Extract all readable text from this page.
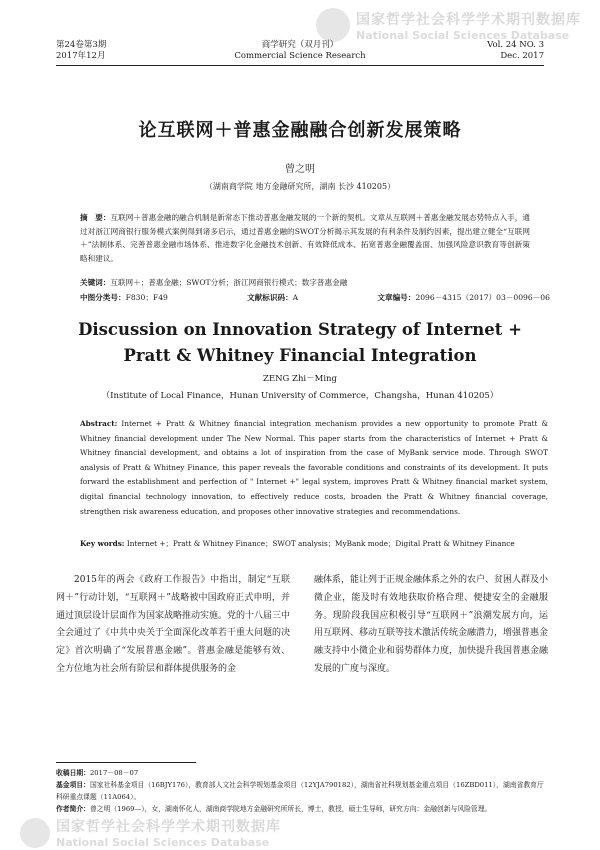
国家哲学社会科学学术期刊数据库
National Social Sciences Database
第24卷第3期
2017年12月
商学研究（双月刊）
Commercial Science Research
Vol. 24 NO. 3
Dec. 2017
论互联网＋普惠金融融合创新发展策略
曾之明
（湖南商学院 地方金融研究所，湖南 长沙 410205）
摘　要：互联网＋普惠金融的融合机制是新常态下推动普惠金融发展的一个新的契机。文章从互联网＋普惠金融发展态势特点入手，通过对浙江网商银行服务模式案例得到诸多启示，通过普惠金融的SWOT分析揭示其发展的有利条件及制约因素，提出建立健全“互联网＋”法制体系、完善普惠金融市场体系、推进数字化金融技术创新、有效降低成本、拓宽普惠金融覆盖面、加强风险意识教育等创新策略和建议。
关键词：互联网＋；普惠金融；SWOT分析；浙江网商银行模式；数字普惠金融
中图分类号：F830；F49	文献标识码：A	文章编号：2096－4315（2017）03－0096－06
Discussion on Innovation Strategy of Internet +
Pratt & Whitney Financial Integration
ZENG Zhi－Ming
（Institute of Local Finance，Hunan University of Commerce，Changsha，Hunan 410205）
Abstract: Internet + Pratt & Whitney financial integration mechanism provides a new opportunity to promote Pratt & Whitney financial development under The New Normal. This paper starts from the characteristics of Internet + Pratt & Whitney financial development, and obtains a lot of inspiration from the case of MyBank service mode. Through SWOT analysis of Pratt & Whitney Finance, this paper reveals the favorable conditions and constraints of its development. It puts forward the establishment and perfection of " Internet +" legal system, improves Pratt & Whitney financial market system, digital financial technology innovation, to effectively reduce costs, broaden the Pratt & Whitney financial coverage, strengthen risk awareness education, and proposes other innovative strategies and recommendations.
Key words: Internet +；Pratt & Whitney Finance；SWOT analysis；MyBank mode；Digital Pratt & Whitney Finance
2015年的两会《政府工作报告》中指出，制定“互联网＋”行动计划，“互联网＋”战略被中国政府正式申明，并通过顶层设计层面作为国家战略推动实施。党的十八届三中全会通过了《中共中央关于全面深化改革若干重大问题的决定》首次明确了“发展普惠金融”。普惠金融是能够有效、全方位地为社会所有阶层和群体提供服务的金
融体系，能让列于正规金融体系之外的农户、贫困人群及小微企业，能及时有效地获取价格合理、便捷安全的金融服务。现阶段我国应积极引导“互联网＋”浪潮发展方向，运用互联网、移动互联等技术激活传统金融潜力，增强普惠金融支持中小微企业和弱势群体力度，加快提升我国普惠金融发展的广度与深度。
收稿日期：2017－08－07
基金项目：国家社科基金项目（16BJY176），教育部人文社会科学规划基金项目（12YJA790182），湖南省社科规划基金重点项目（16ZBD011），湖南省教育厅科研重点课题（11A064）。
作者简介：曾之明（1969—），女，湖南怀化人，湖南商学院地方金融研究所所长，博士，教授，硕士生导师，研究方向：金融创新与风险管理。
国家哲学社会科学学术期刊数据库
National Social Sciences Database
